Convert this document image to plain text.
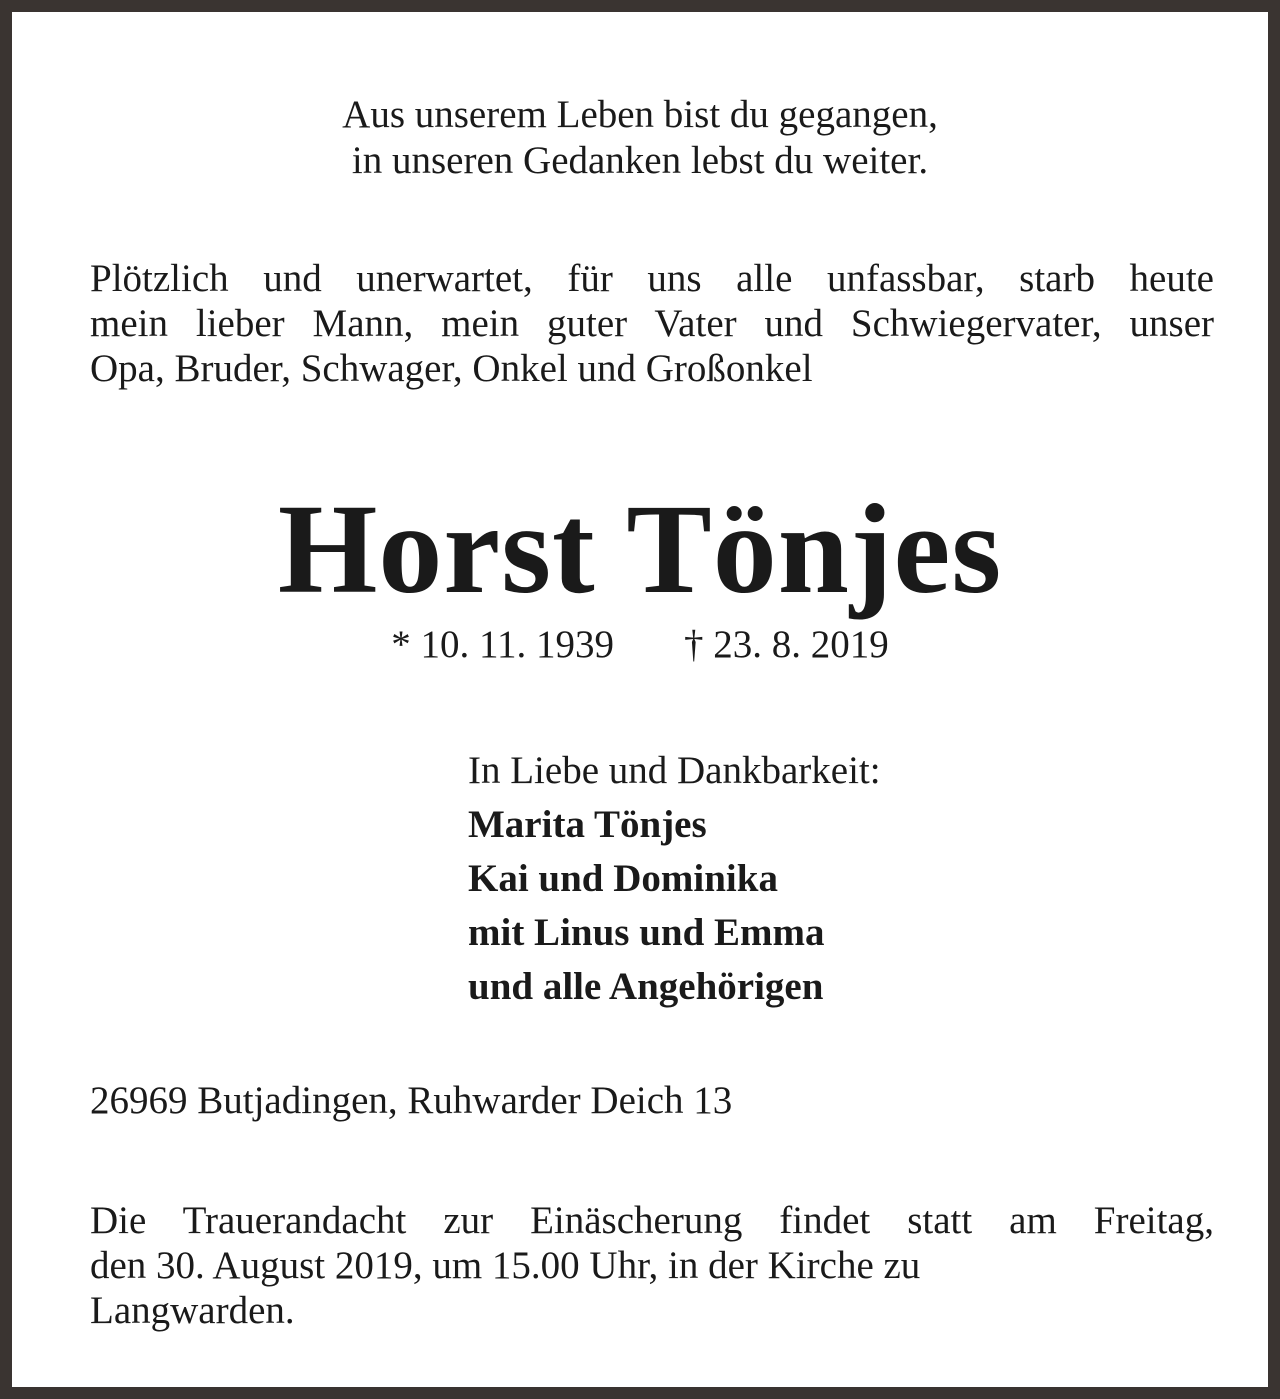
Aus unserem Leben bist du gegangen,
in unseren Gedanken lebst du weiter.
Plötzlich und unerwartet, für uns alle unfassbar, starb heute
mein lieber Mann, mein guter Vater und Schwiegervater, unser
Opa, Bruder, Schwager, Onkel und Großonkel
Horst Tönjes
* 10. 11. 1939 † 23. 8. 2019
In Liebe und Dankbarkeit:
Marita Tönjes
Kai und Dominika
mit Linus und Emma
und alle Angehörigen
26969 Butjadingen, Ruhwarder Deich 13
Die Trauerandacht zur Einäscherung findet statt am Freitag,
den 30. August 2019, um 15.00 Uhr, in der Kirche zu
Langwarden.
